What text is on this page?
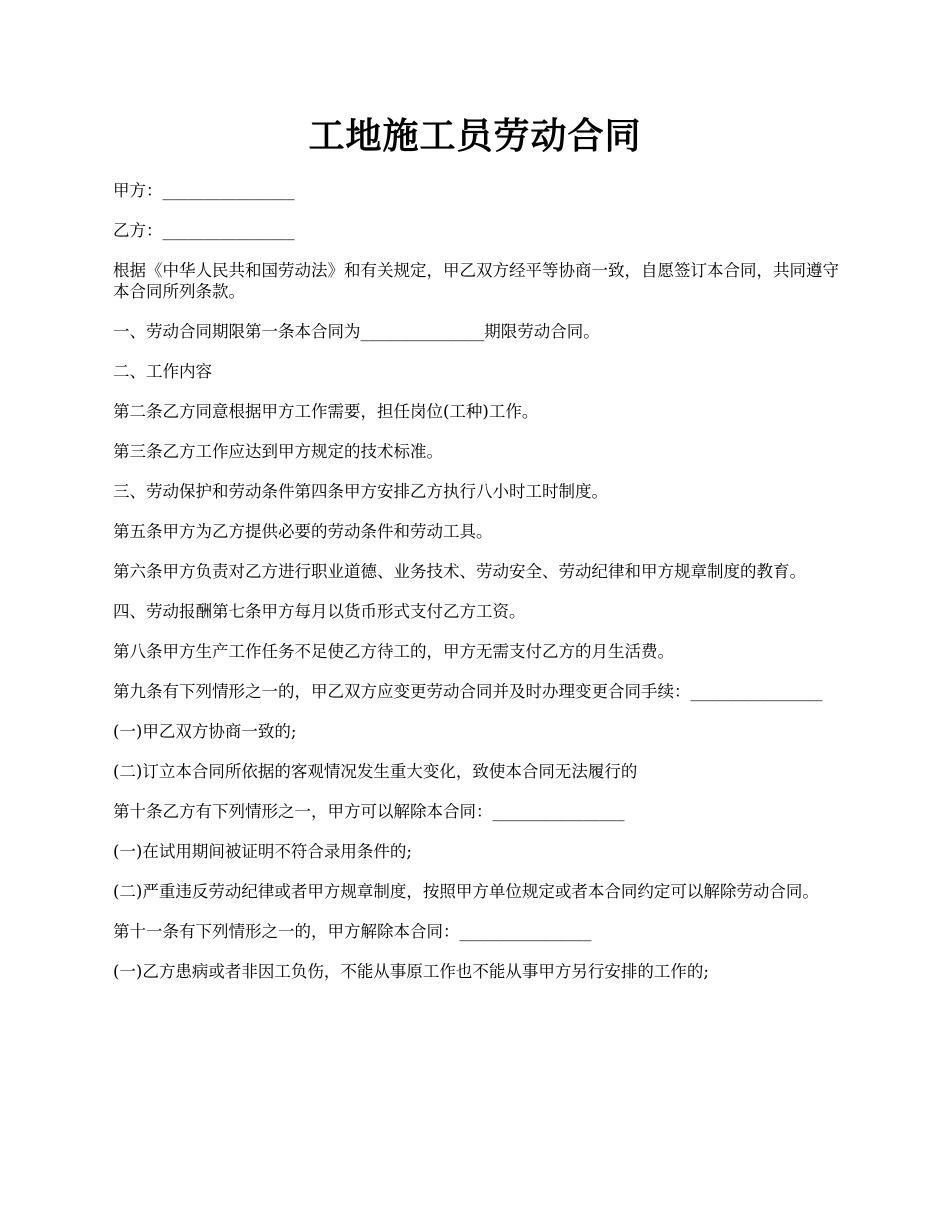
工地施工员劳动合同

甲方：________________

乙方：________________

根据《中华人民共和国劳动法》和有关规定，甲乙双方经平等协商一致，自愿签订本合同，共同遵守本合同所列条款。

一、劳动合同期限第一条本合同为_______________期限劳动合同。

二、工作内容

第二条乙方同意根据甲方工作需要，担任岗位(工种)工作。

第三条乙方工作应达到甲方规定的技术标准。

三、劳动保护和劳动条件第四条甲方安排乙方执行八小时工时制度。

第五条甲方为乙方提供必要的劳动条件和劳动工具。

第六条甲方负责对乙方进行职业道德、业务技术、劳动安全、劳动纪律和甲方规章制度的教育。

四、劳动报酬第七条甲方每月以货币形式支付乙方工资。

第八条甲方生产工作任务不足使乙方待工的，甲方无需支付乙方的月生活费。

第九条有下列情形之一的，甲乙双方应变更劳动合同并及时办理变更合同手续：________________

(一)甲乙双方协商一致的;

(二)订立本合同所依据的客观情况发生重大变化，致使本合同无法履行的

第十条乙方有下列情形之一，甲方可以解除本合同：________________

(一)在试用期间被证明不符合录用条件的;

(二)严重违反劳动纪律或者甲方规章制度，按照甲方单位规定或者本合同约定可以解除劳动合同。

第十一条有下列情形之一的，甲方解除本合同：________________

(一)乙方患病或者非因工负伤，不能从事原工作也不能从事甲方另行安排的工作的;
